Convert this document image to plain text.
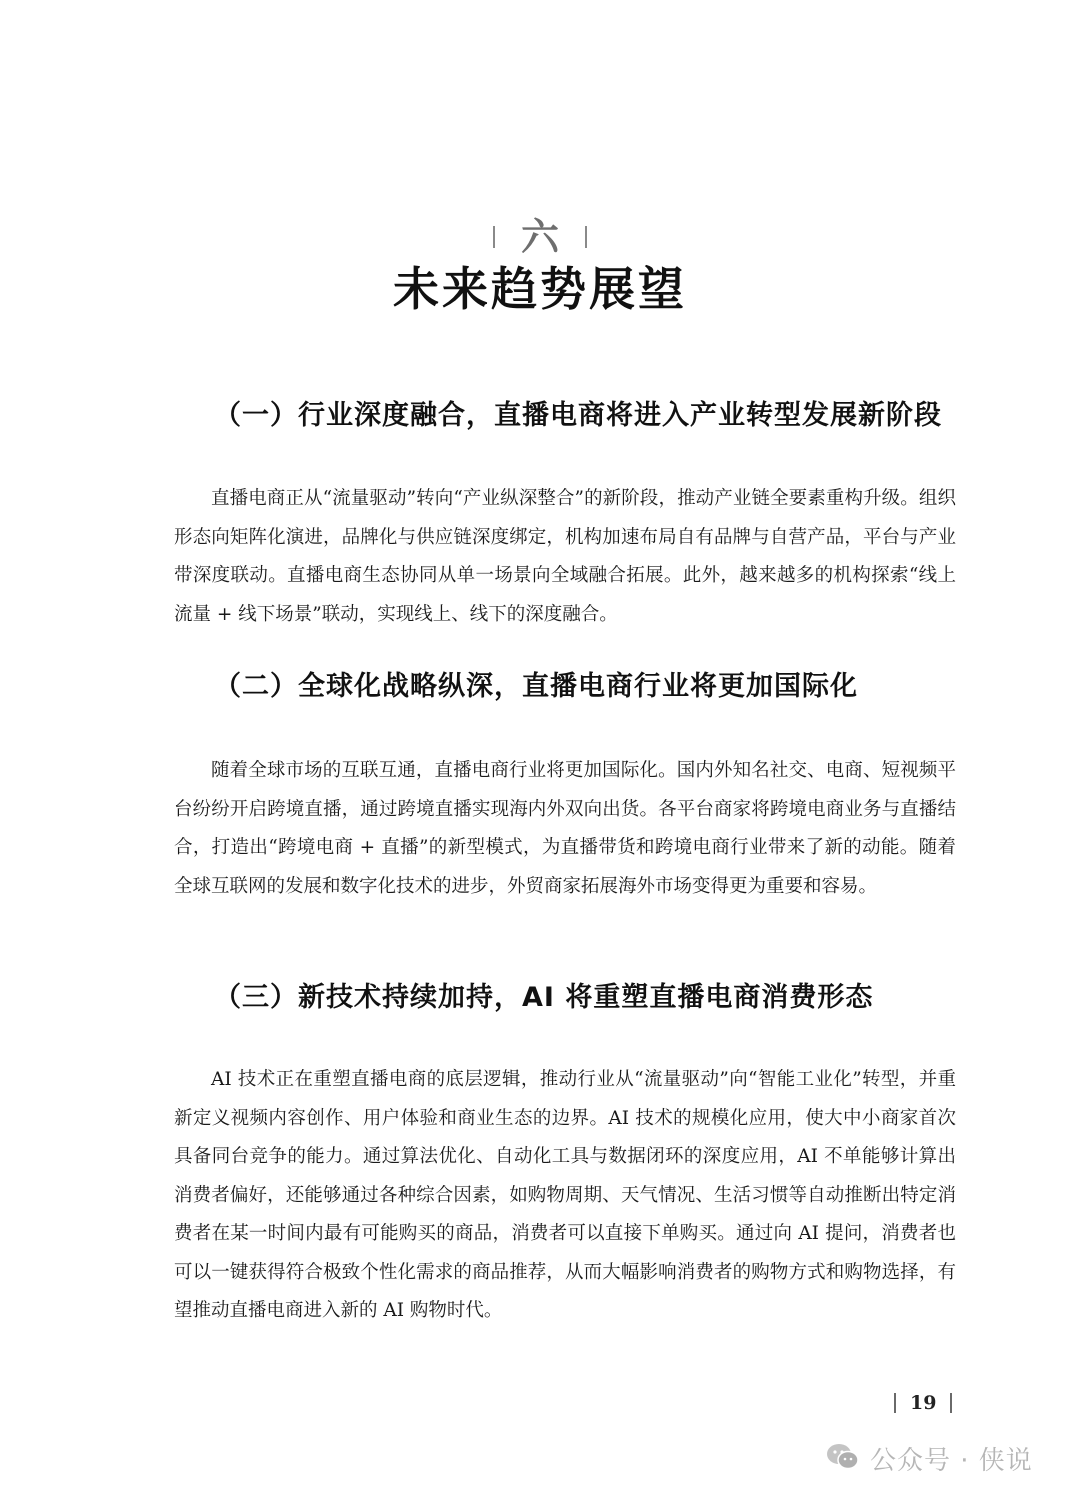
六
未来趋势展望
（一）行业深度融合，直播电商将进入产业转型发展新阶段

直播电商正从“流量驱动”转向“产业纵深整合”的新阶段，推动产业链全要素重构升级。组织形态向矩阵化演进，品牌化与供应链深度绑定，机构加速布局自有品牌与自营产品，平台与产业带深度联动。直播电商生态协同从单一场景向全域融合拓展。此外，越来越多的机构探索“线上流量 + 线下场景”联动，实现线上、线下的深度融合。

（二）全球化战略纵深，直播电商行业将更加国际化

随着全球市场的互联互通，直播电商行业将更加国际化。国内外知名社交、电商、短视频平台纷纷开启跨境直播，通过跨境直播实现海内外双向出货。各平台商家将跨境电商业务与直播结合，打造出“跨境电商 + 直播”的新型模式，为直播带货和跨境电商行业带来了新的动能。随着全球互联网的发展和数字化技术的进步，外贸商家拓展海外市场变得更为重要和容易。

（三）新技术持续加持，AI 将重塑直播电商消费形态

AI 技术正在重塑直播电商的底层逻辑，推动行业从“流量驱动”向“智能工业化”转型，并重新定义视频内容创作、用户体验和商业生态的边界。AI 技术的规模化应用，使大中小商家首次具备同台竞争的能力。通过算法优化、自动化工具与数据闭环的深度应用，AI 不单能够计算出消费者偏好，还能够通过各种综合因素，如购物周期、天气情况、生活习惯等自动推断出特定消费者在某一时间内最有可能购买的商品，消费者可以直接下单购买。通过向 AI 提问，消费者也可以一键获得符合极致个性化需求的商品推荐，从而大幅影响消费者的购物方式和购物选择，有望推动直播电商进入新的 AI 购物时代。

19
公众号 · 侠说
